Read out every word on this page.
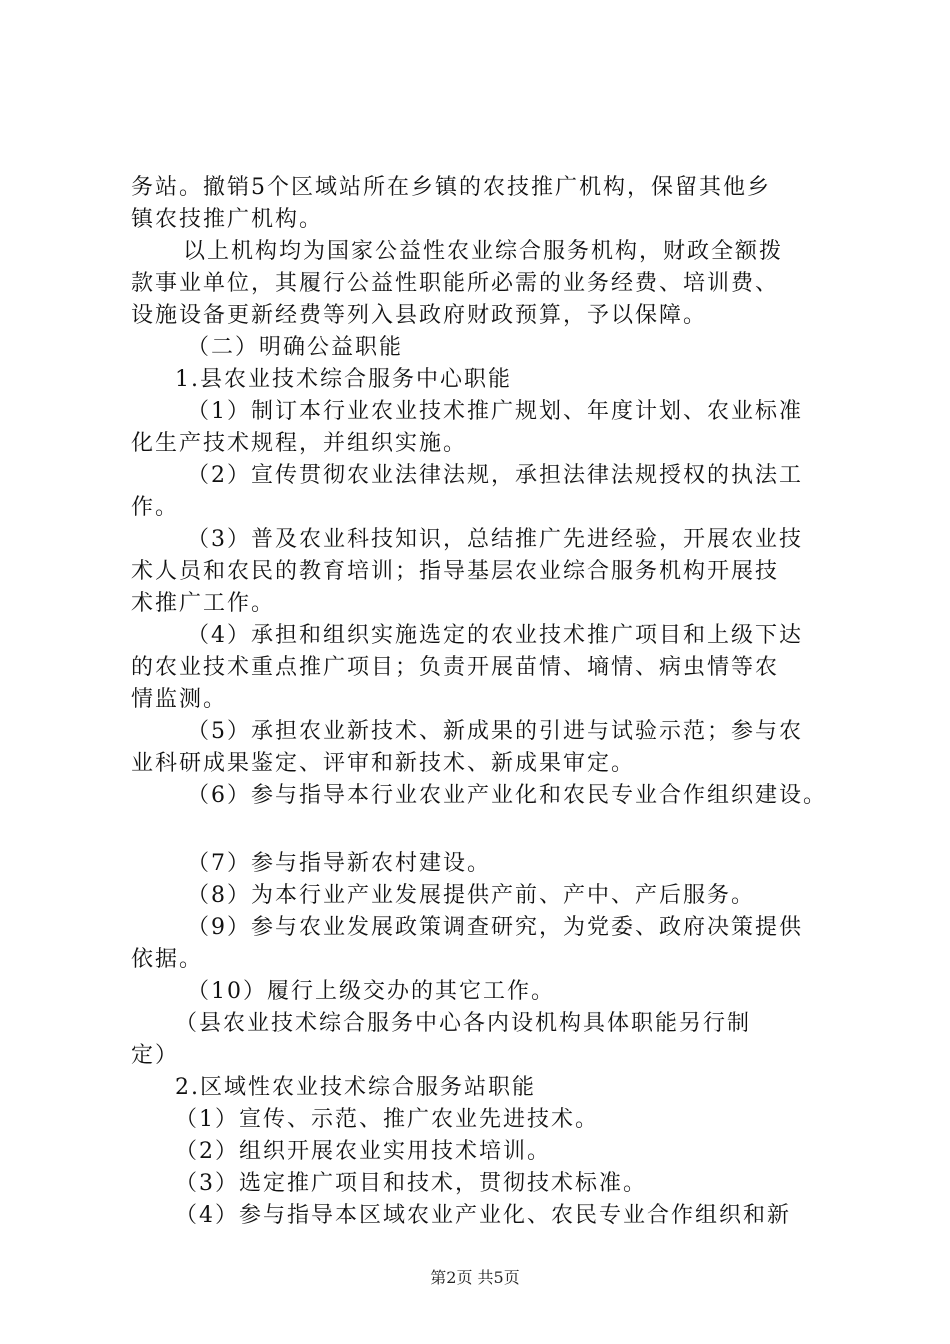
务站。撤销5个区域站所在乡镇的农技推广机构，保留其他乡
镇农技推广机构。
以上机构均为国家公益性农业综合服务机构，财政全额拨
款事业单位，其履行公益性职能所必需的业务经费、培训费、
设施设备更新经费等列入县政府财政预算，予以保障。
（二）明确公益职能
1.县农业技术综合服务中心职能
（1）制订本行业农业技术推广规划、年度计划、农业标准
化生产技术规程，并组织实施。
（2）宣传贯彻农业法律法规，承担法律法规授权的执法工
作。
（3）普及农业科技知识，总结推广先进经验，开展农业技
术人员和农民的教育培训；指导基层农业综合服务机构开展技
术推广工作。
（4）承担和组织实施选定的农业技术推广项目和上级下达
的农业技术重点推广项目；负责开展苗情、墒情、病虫情等农
情监测。
（5）承担农业新技术、新成果的引进与试验示范；参与农
业科研成果鉴定、评审和新技术、新成果审定。
（6）参与指导本行业农业产业化和农民专业合作组织建设。
（7）参与指导新农村建设。
（8）为本行业产业发展提供产前、产中、产后服务。
（9）参与农业发展政策调查研究，为党委、政府决策提供
依据。
（10）履行上级交办的其它工作。
（县农业技术综合服务中心各内设机构具体职能另行制
定）
2.区域性农业技术综合服务站职能
（1）宣传、示范、推广农业先进技术。
（2）组织开展农业实用技术培训。
（3）选定推广项目和技术，贯彻技术标准。
（4）参与指导本区域农业产业化、农民专业合作组织和新
第2页 共5页
